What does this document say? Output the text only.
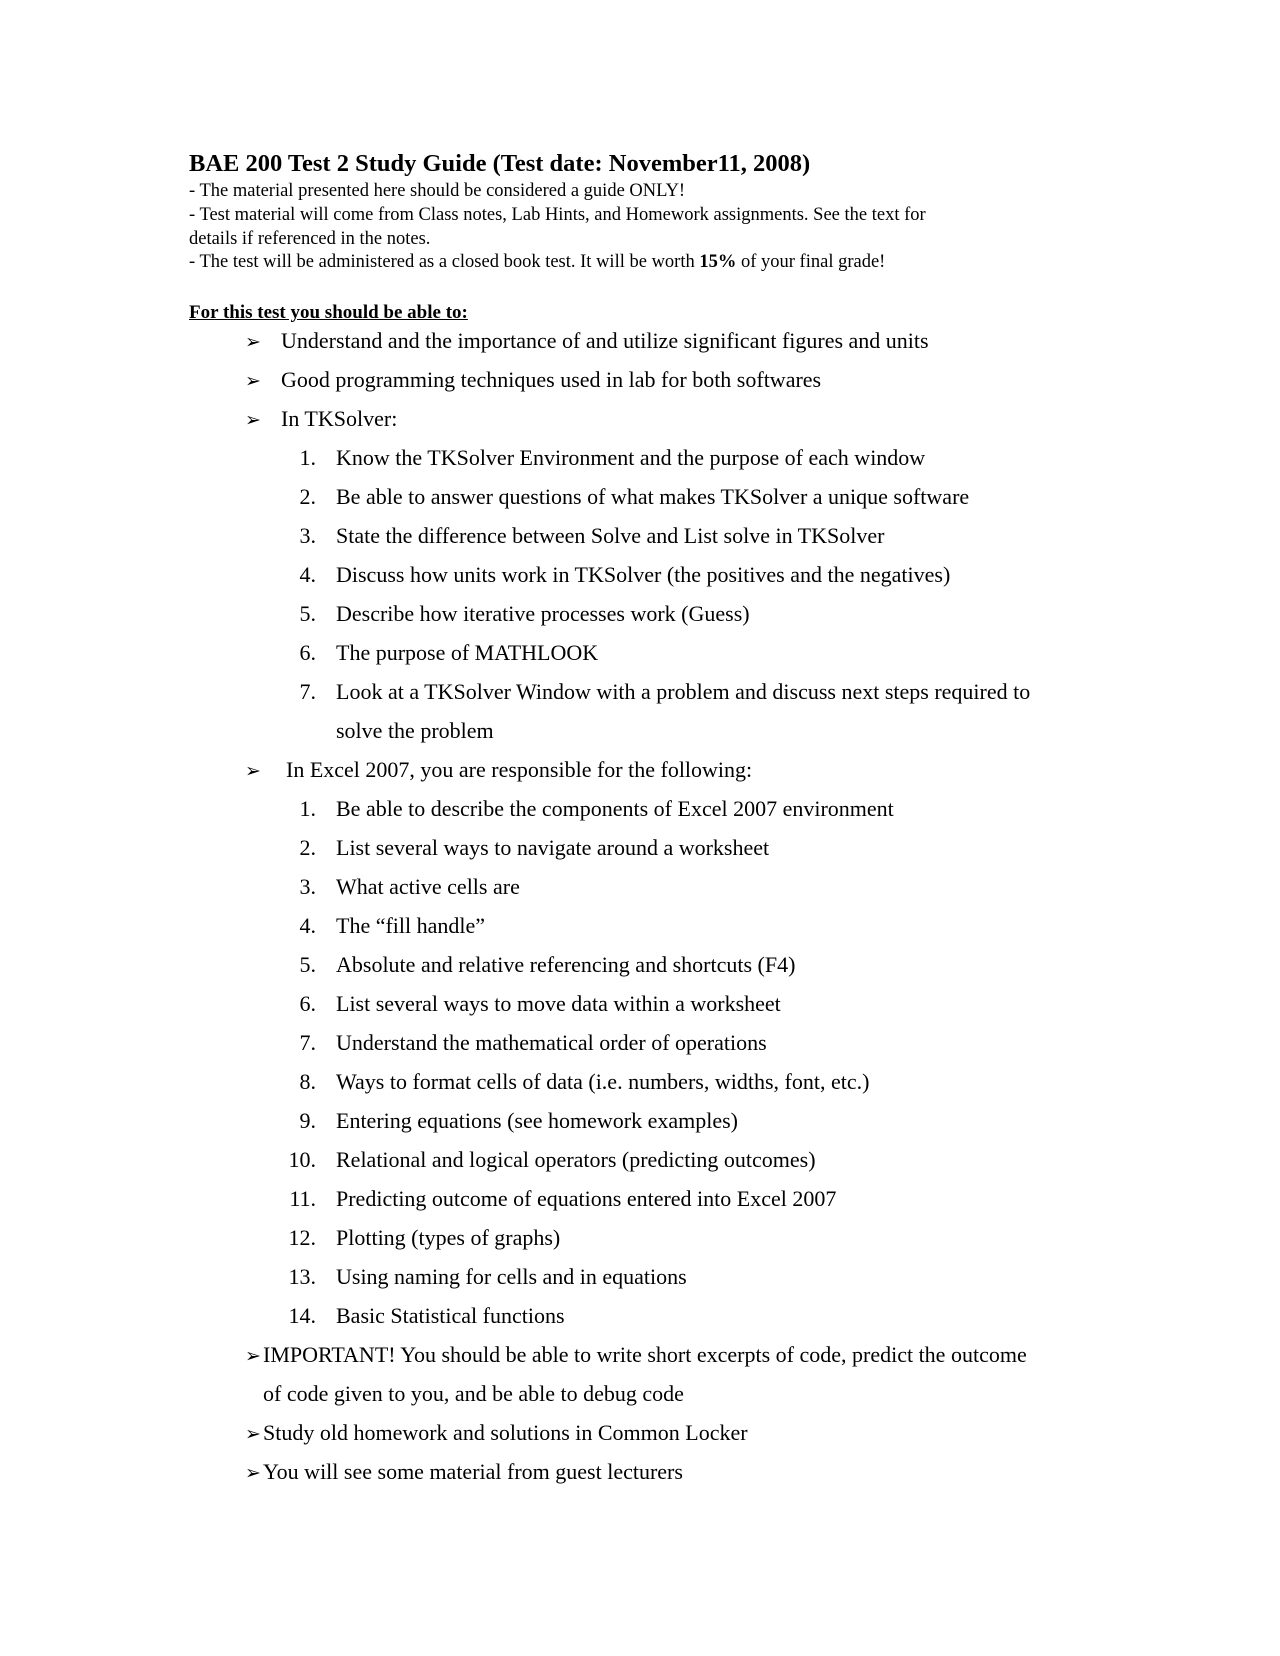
BAE 200 Test 2 Study Guide (Test date: November11, 2008)
- The material presented here should be considered a guide ONLY!
- Test material will come from Class notes, Lab Hints, and Homework assignments. See the text for
details if referenced in the notes.
- The test will be administered as a closed book test. It will be worth 15% of your final grade!
For this test you should be able to:
➢ Understand and the importance of and utilize significant figures and units
➢ Good programming techniques used in lab for both softwares
➢ In TKSolver:
1. Know the TKSolver Environment and the purpose of each window
2. Be able to answer questions of what makes TKSolver a unique software
3. State the difference between Solve and List solve in TKSolver
4. Discuss how units work in TKSolver (the positives and the negatives)
5. Describe how iterative processes work (Guess)
6. The purpose of MATHLOOK
7. Look at a TKSolver Window with a problem and discuss next steps required to
solve the problem
➢ In Excel 2007, you are responsible for the following:
1. Be able to describe the components of Excel 2007 environment
2. List several ways to navigate around a worksheet
3. What active cells are
4. The “fill handle”
5. Absolute and relative referencing and shortcuts (F4)
6. List several ways to move data within a worksheet
7. Understand the mathematical order of operations
8. Ways to format cells of data (i.e. numbers, widths, font, etc.)
9. Entering equations (see homework examples)
10. Relational and logical operators (predicting outcomes)
11. Predicting outcome of equations entered into Excel 2007
12. Plotting (types of graphs)
13. Using naming for cells and in equations
14. Basic Statistical functions
➢ IMPORTANT! You should be able to write short excerpts of code, predict the outcome
of code given to you, and be able to debug code
➢ Study old homework and solutions in Common Locker
➢ You will see some material from guest lecturers
